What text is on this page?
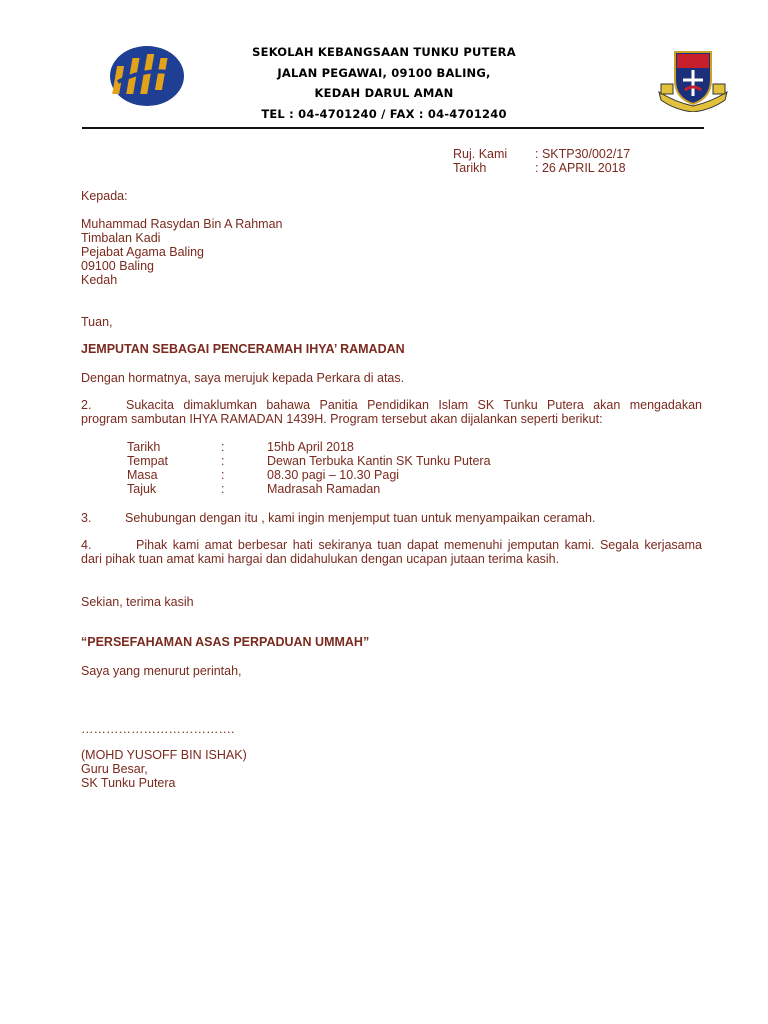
SEKOLAH KEBANGSAAN TUNKU PUTERA
JALAN PEGAWAI, 09100 BALING,
KEDAH DARUL AMAN
TEL : 04-4701240 / FAX : 04-4701240
Ruj. Kami : SKTP30/002/17
Tarikh	: 26 APRIL 2018
Kepada:
Muhammad Rasydan Bin A Rahman
Timbalan Kadi
Pejabat Agama Baling
09100 Baling
Kedah
Tuan,
JEMPUTAN SEBAGAI PENCERAMAH IHYA’ RAMADAN
Dengan hormatnya, saya merujuk kepada Perkara di atas.
2.	Sukacita dimaklumkan bahawa Panitia Pendidikan Islam SK Tunku Putera akan mengadakan
program sambutan IHYA RAMADAN 1439H. Program tersebut akan dijalankan seperti berikut:
Tarikh	:	15hb April 2018
Tempat	:	Dewan Terbuka Kantin SK Tunku Putera
Masa	:	08.30 pagi – 10.30 Pagi
Tajuk	:	Madrasah Ramadan
3.	Sehubungan dengan itu , kami ingin menjemput tuan untuk menyampaikan ceramah.
4.	Pihak kami amat berbesar hati sekiranya tuan dapat memenuhi jemputan kami. Segala kerjasama
dari pihak tuan amat kami hargai dan didahulukan dengan ucapan jutaan terima kasih.
Sekian, terima kasih
“PERSEFAHAMAN ASAS PERPADUAN UMMAH”
Saya yang menurut perintah,
……………………………….
(MOHD YUSOFF BIN ISHAK)
Guru Besar,
SK Tunku Putera
